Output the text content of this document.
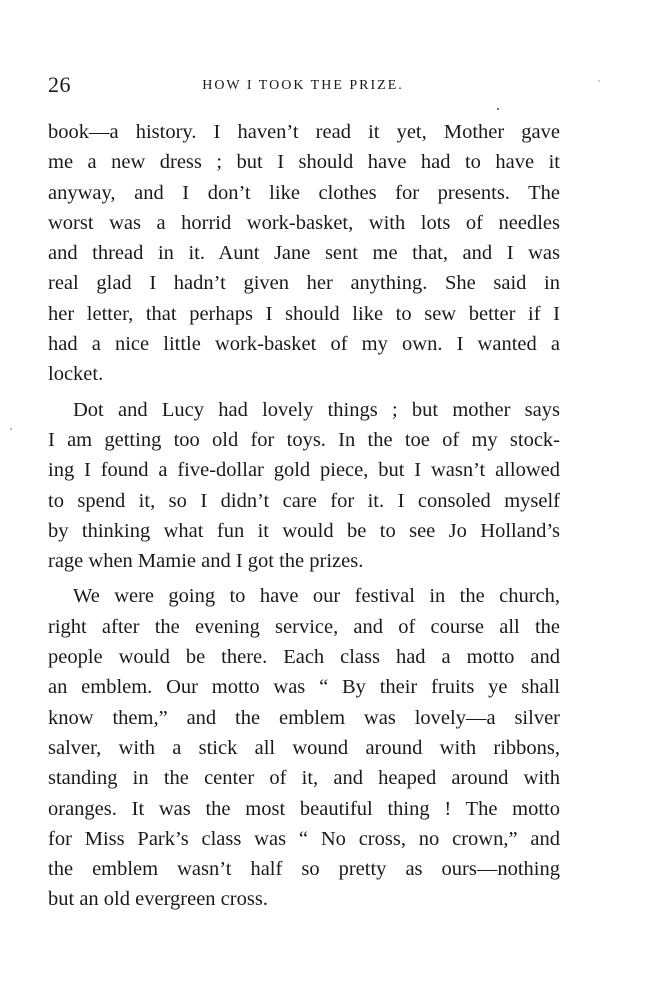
26	HOW I TOOK THE PRIZE.
book—a history. I haven’t read it yet, Mother gave
me a new dress ; but I should have had to have it
anyway, and I don’t like clothes for presents. The
worst was a horrid work-basket, with lots of needles
and thread in it. Aunt Jane sent me that, and I was
real glad I hadn’t given her anything. She said in
her letter, that perhaps I should like to sew better if I
had a nice little work-basket of my own. I wanted a
locket.
Dot and Lucy had lovely things ; but mother says
I am getting too old for toys. In the toe of my stock-
ing I found a five-dollar gold piece, but I wasn’t allowed
to spend it, so I didn’t care for it. I consoled myself
by thinking what fun it would be to see Jo Holland’s
rage when Mamie and I got the prizes.
We were going to have our festival in the church,
right after the evening service, and of course all the
people would be there. Each class had a motto and
an emblem. Our motto was “ By their fruits ye shall
know them,” and the emblem was lovely—a silver
salver, with a stick all wound around with ribbons,
standing in the center of it, and heaped around with
oranges. It was the most beautiful thing ! The motto
for Miss Park’s class was “ No cross, no crown,” and
the emblem wasn’t half so pretty as ours—nothing
but an old evergreen cross.
